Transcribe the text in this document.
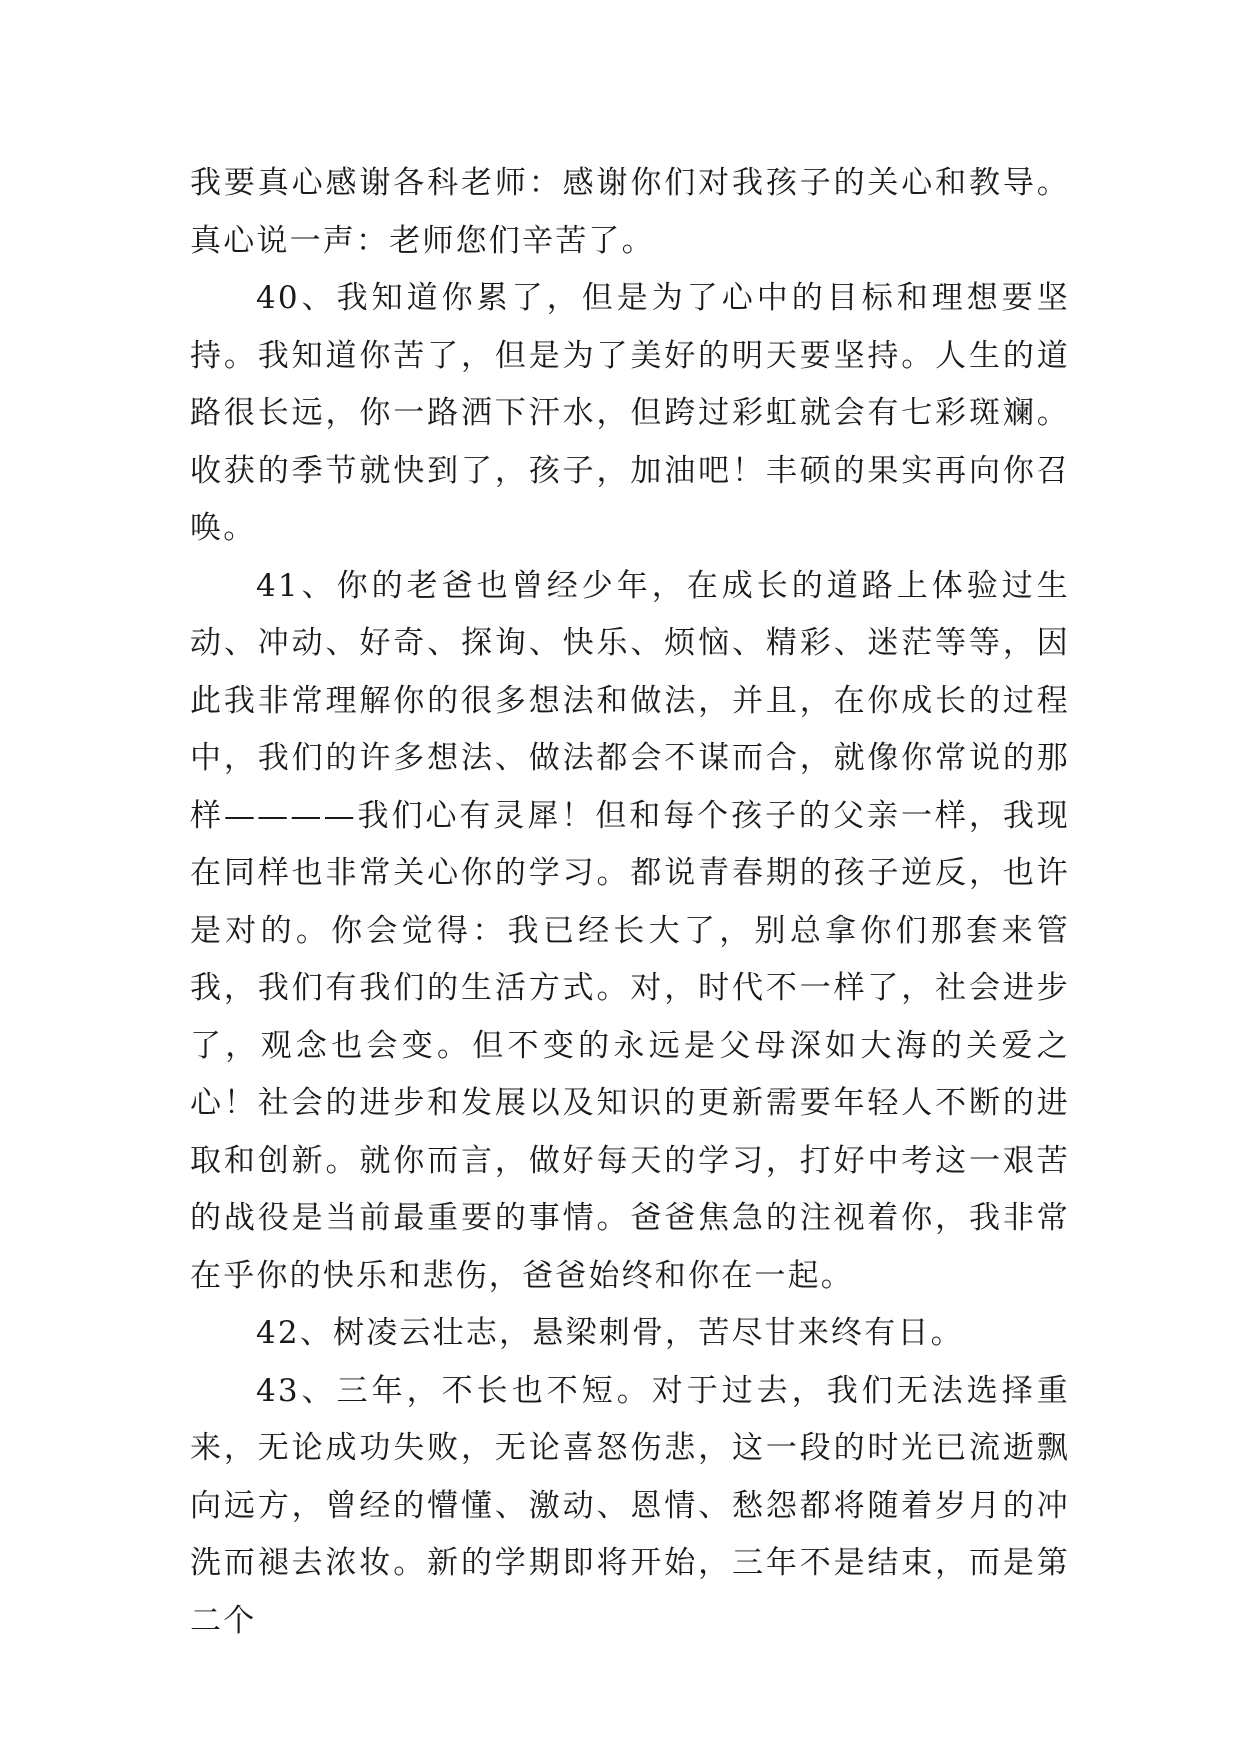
我要真心感谢各科老师：感谢你们对我孩子的关心和教导。真心说一声：老师您们辛苦了。

40、我知道你累了，但是为了心中的目标和理想要坚持。我知道你苦了，但是为了美好的明天要坚持。人生的道路很长远，你一路洒下汗水，但跨过彩虹就会有七彩斑斓。收获的季节就快到了，孩子，加油吧！丰硕的果实再向你召唤。

41、你的老爸也曾经少年，在成长的道路上体验过生动、冲动、好奇、探询、快乐、烦恼、精彩、迷茫等等，因此我非常理解你的很多想法和做法，并且，在你成长的过程中，我们的许多想法、做法都会不谋而合，就像你常说的那样————我们心有灵犀！但和每个孩子的父亲一样，我现在同样也非常关心你的学习。都说青春期的孩子逆反，也许是对的。你会觉得：我已经长大了，别总拿你们那套来管我，我们有我们的生活方式。对，时代不一样了，社会进步了，观念也会变。但不变的永远是父母深如大海的关爱之心！社会的进步和发展以及知识的更新需要年轻人不断的进取和创新。就你而言，做好每天的学习，打好中考这一艰苦的战役是当前最重要的事情。爸爸焦急的注视着你，我非常在乎你的快乐和悲伤，爸爸始终和你在一起。

42、树凌云壮志，悬梁刺骨，苦尽甘来终有日。

43、三年，不长也不短。对于过去，我们无法选择重来，无论成功失败，无论喜怒伤悲，这一段的时光已流逝飘向远方，曾经的懵懂、激动、恩情、愁怨都将随着岁月的冲洗而褪去浓妆。新的学期即将开始，三年不是结束，而是第二个
